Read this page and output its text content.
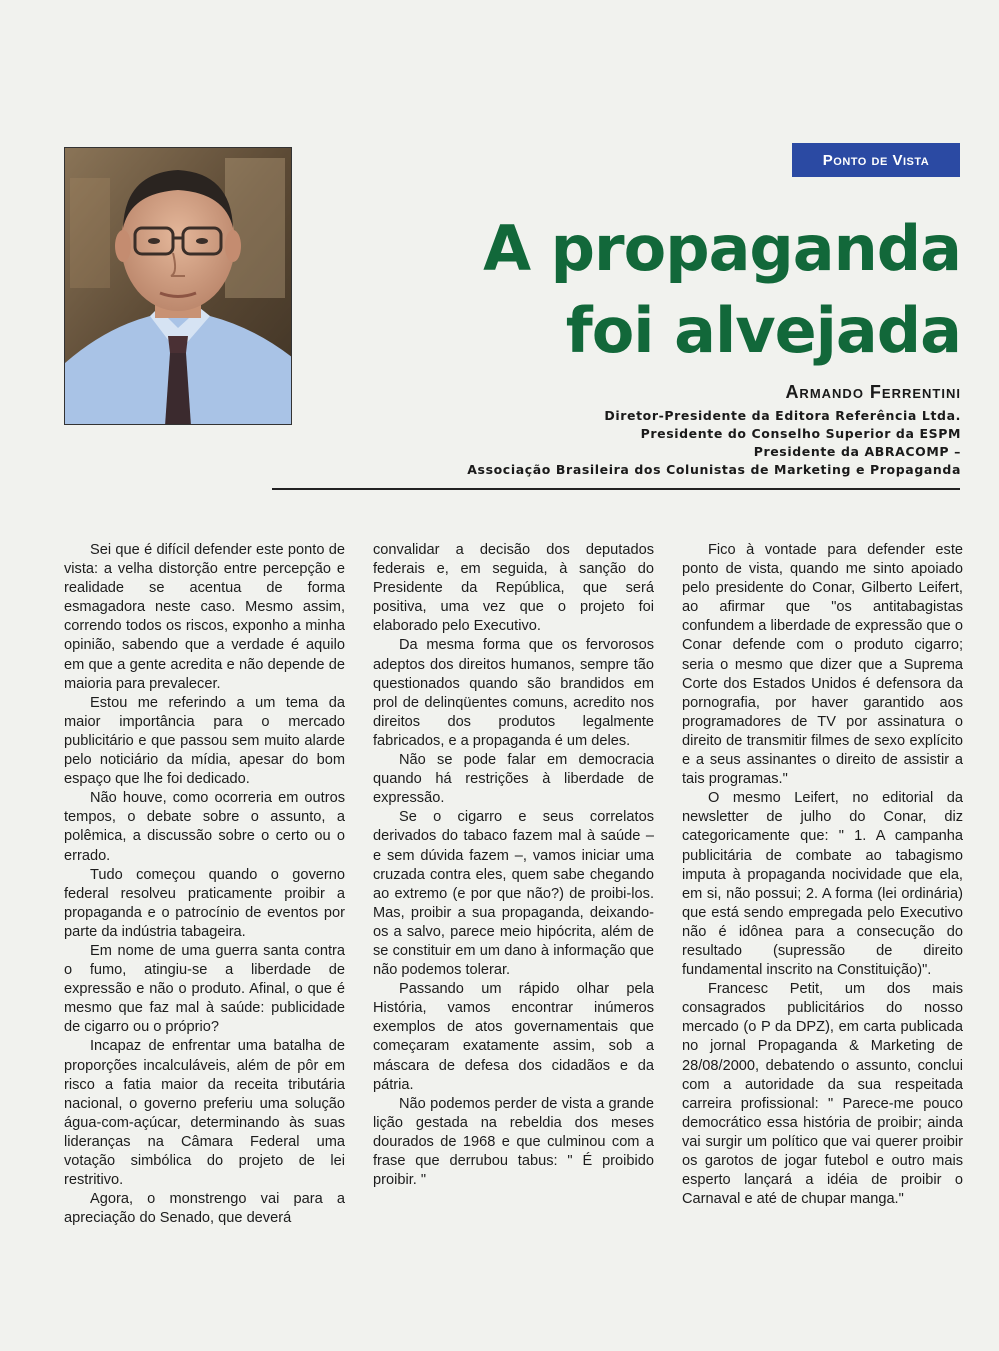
Ponto de Vista
A propaganda
foi alvejada

Armando Ferrentini

Diretor-Presidente da Editora Referência Ltda.

Presidente do Conselho Superior da ESPM

Presidente da ABRACOMP –

Associação Brasileira dos Colunistas de Marketing e Propaganda

Sei que é difícil defender este ponto de vista: a velha distorção entre percepção e realidade se acentua de forma esmagadora neste caso. Mesmo assim, correndo todos os riscos, exponho a minha opinião, sabendo que a verdade é aquilo em que a gente acredita e não depende de maioria para prevalecer.

Estou me referindo a um tema da maior importância para o mercado publicitário e que passou sem muito alarde pelo noticiário da mídia, apesar do bom espaço que lhe foi dedicado.

Não houve, como ocorreria em outros tempos, o debate sobre o assunto, a polêmica, a discussão sobre o certo ou o errado.

Tudo começou quando o governo federal resolveu praticamente proibir a propaganda e o patrocínio de eventos por parte da indústria tabageira.

Em nome de uma guerra santa contra o fumo, atingiu-se a liberdade de expressão e não o produto. Afinal, o que é mesmo que faz mal à saúde: publicidade de cigarro ou o próprio?

Incapaz de enfrentar uma batalha de proporções incalculáveis, além de pôr em risco a fatia maior da receita tributária nacional, o governo preferiu uma solução água-com-açúcar, determinando às suas lideranças na Câmara Federal uma votação simbólica do projeto de lei restritivo.

Agora, o monstrengo vai para a apreciação do Senado, que deverá

convalidar a decisão dos deputados federais e, em seguida, à sanção do Presidente da República, que será positiva, uma vez que o projeto foi elaborado pelo Executivo.

Da mesma forma que os fervorosos adeptos dos direitos humanos, sempre tão questionados quando são brandidos em prol de delinqüentes comuns, acredito nos direitos dos produtos legalmente fabricados, e a propaganda é um deles.

Não se pode falar em democracia quando há restrições à liberdade de expressão.

Se o cigarro e seus correlatos derivados do tabaco fazem mal à saúde – e sem dúvida fazem –, vamos iniciar uma cruzada contra eles, quem sabe chegando ao extremo (e por que não?) de proibi-los. Mas, proibir a sua propaganda, deixando-os a salvo, parece meio hipócrita, além de se constituir em um dano à informação que não podemos tolerar.

Passando um rápido olhar pela História, vamos encontrar inúmeros exemplos de atos governamentais que começaram exatamente assim, sob a máscara de defesa dos cidadãos e da pátria.

Não podemos perder de vista a grande lição gestada na rebeldia dos meses dourados de 1968 e que culminou com a frase que derrubou tabus: " É proibido proibir. "

Fico à vontade para defender este ponto de vista, quando me sinto apoiado pelo presidente do Conar, Gilberto Leifert, ao afirmar que "os antitabagistas confundem a liberdade de expressão que o Conar defende com o produto cigarro; seria o mesmo que dizer que a Suprema Corte dos Estados Unidos é defensora da pornografia, por haver garantido aos programadores de TV por assinatura o direito de transmitir filmes de sexo explícito e a seus assinantes o direito de assistir a tais programas."

O mesmo Leifert, no editorial da newsletter de julho do Conar, diz categoricamente que: " 1. A campanha publicitária de combate ao tabagismo imputa à propaganda nocividade que ela, em si, não possui; 2. A forma (lei ordinária) que está sendo empregada pelo Executivo não é idônea para a consecução do resultado (supressão de direito fundamental inscrito na Constituição)".

Francesc Petit, um dos mais consagrados publicitários do nosso mercado (o P da DPZ), em carta publicada no jornal Propaganda & Marketing de 28/08/2000, debatendo o assunto, conclui com a autoridade da sua respeitada carreira profissional: " Parece-me pouco democrático essa história de proibir; ainda vai surgir um político que vai querer proibir os garotos de jogar futebol e outro mais esperto lançará a idéia de proibir o Carnaval e até de chupar manga."
